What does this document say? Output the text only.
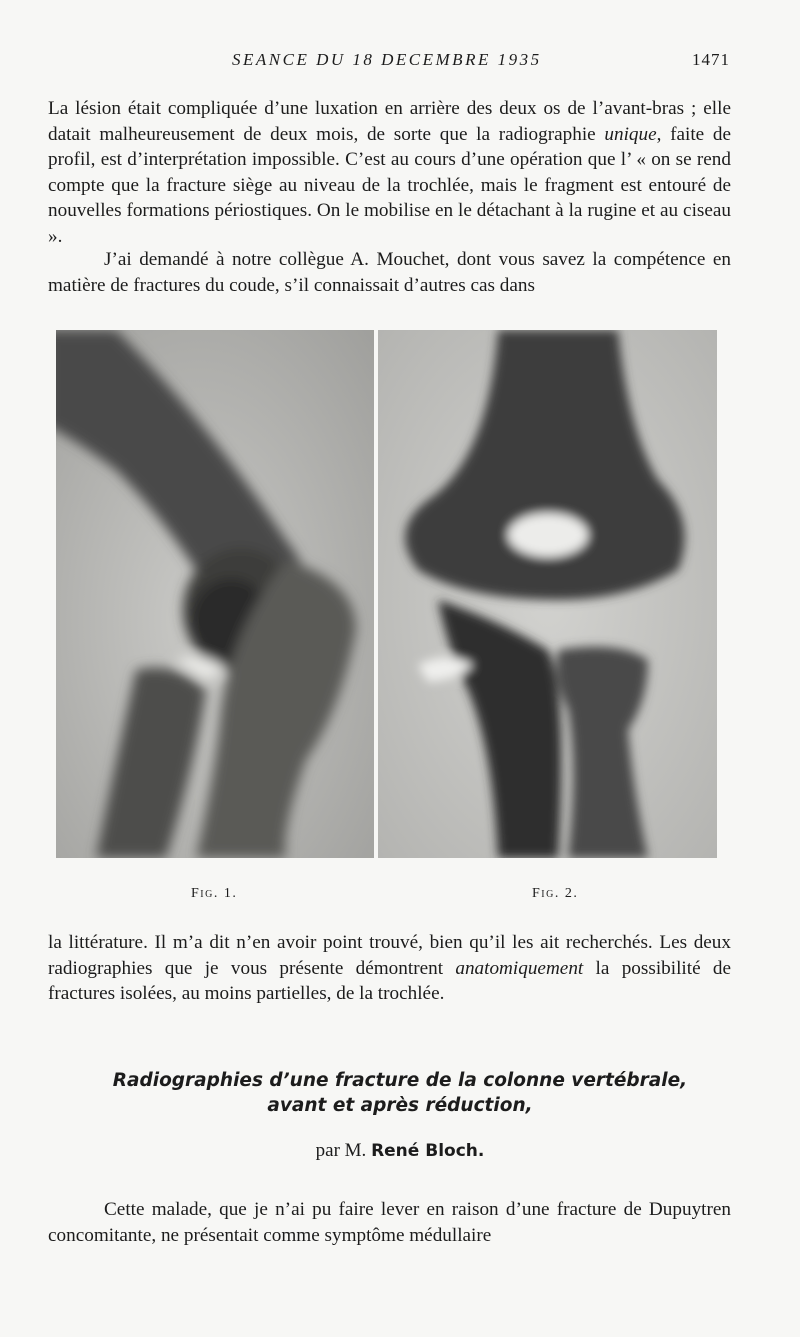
SEANCE DU 18 DECEMBRE 1935	1471

La lésion était compliquée d’une luxation en arrière des deux os de l’avant-bras ; elle datait malheureusement de deux mois, de sorte que la radiographie unique, faite de profil, est d’interprétation impossible. C’est au cours d’une opération que l’ « on se rend compte que la fracture siège au niveau de la trochlée, mais le fragment est entouré de nouvelles formations périostiques. On le mobilise en le détachant à la rugine et au ciseau ».

J’ai demandé à notre collègue A. Mouchet, dont vous savez la compétence en matière de fractures du coude, s’il connaissait d’autres cas dans

Fig. 1.	Fig. 2.

la littérature. Il m’a dit n’en avoir point trouvé, bien qu’il les ait recherchés. Les deux radiographies que je vous présente démontrent anatomiquement la possibilité de fractures isolées, au moins partielles, de la trochlée.

Radiographies d’une fracture de la colonne vertébrale,
avant et après réduction,
par M. René Bloch.

Cette malade, que je n’ai pu faire lever en raison d’une fracture de Dupuytren concomitante, ne présentait comme symptôme médullaire
